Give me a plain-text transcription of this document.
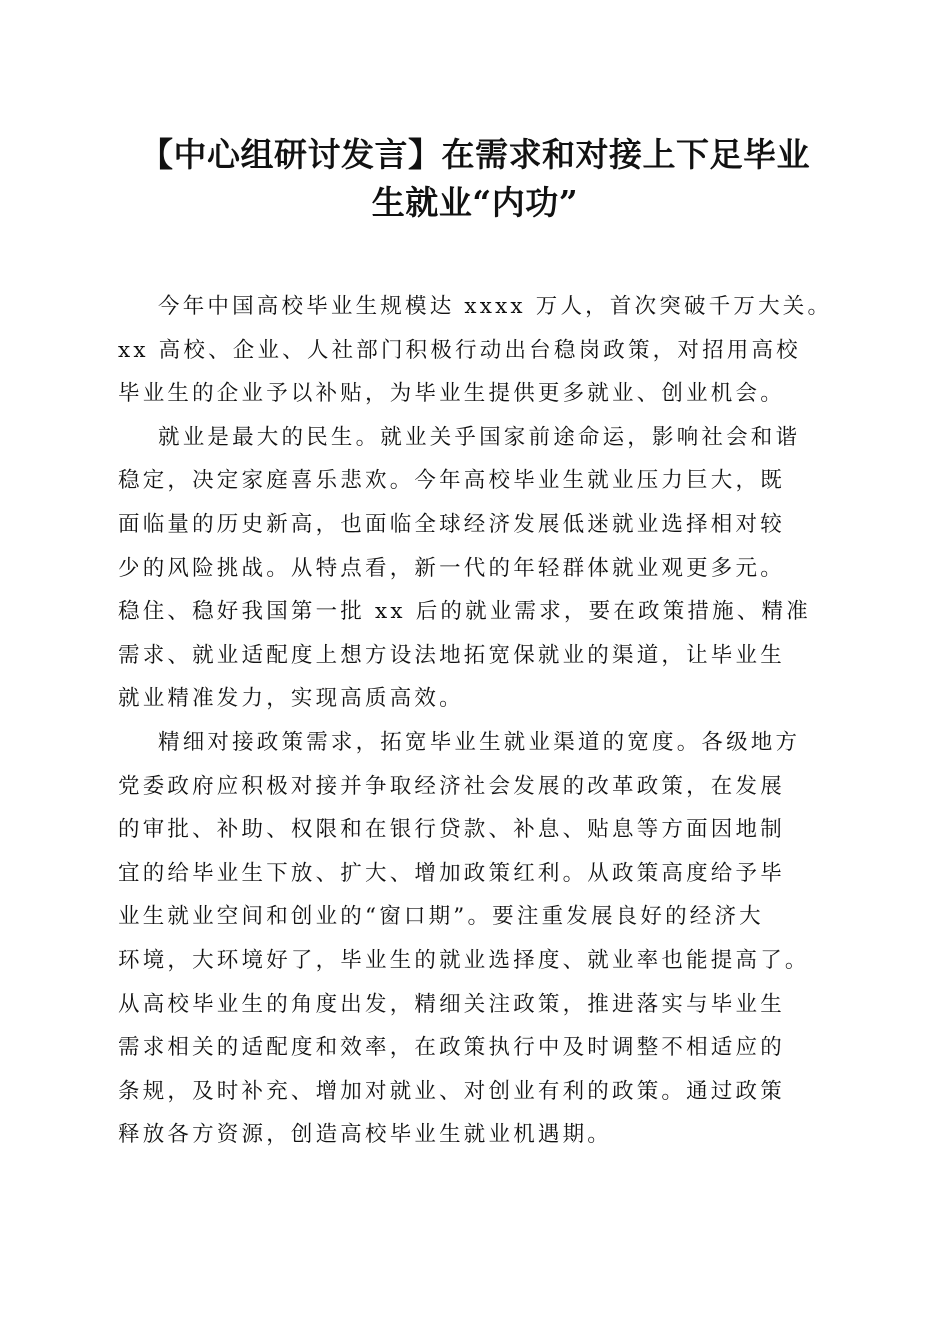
【中心组研讨发言】在需求和对接上下足毕业
生就业“内功”
今年中国高校毕业生规模达 xxxx 万人，首次突破千万大关。
xx 高校、企业、人社部门积极行动出台稳岗政策，对招用高校
毕业生的企业予以补贴，为毕业生提供更多就业、创业机会。
就业是最大的民生。就业关乎国家前途命运，影响社会和谐
稳定，决定家庭喜乐悲欢。今年高校毕业生就业压力巨大，既
面临量的历史新高，也面临全球经济发展低迷就业选择相对较
少的风险挑战。从特点看，新一代的年轻群体就业观更多元。
稳住、稳好我国第一批 xx 后的就业需求，要在政策措施、精准
需求、就业适配度上想方设法地拓宽保就业的渠道，让毕业生
就业精准发力，实现高质高效。
精细对接政策需求，拓宽毕业生就业渠道的宽度。各级地方
党委政府应积极对接并争取经济社会发展的改革政策，在发展
的审批、补助、权限和在银行贷款、补息、贴息等方面因地制
宜的给毕业生下放、扩大、增加政策红利。从政策高度给予毕
业生就业空间和创业的“窗口期”。要注重发展良好的经济大
环境，大环境好了，毕业生的就业选择度、就业率也能提高了。
从高校毕业生的角度出发，精细关注政策，推进落实与毕业生
需求相关的适配度和效率，在政策执行中及时调整不相适应的
条规，及时补充、增加对就业、对创业有利的政策。通过政策
释放各方资源，创造高校毕业生就业机遇期。
